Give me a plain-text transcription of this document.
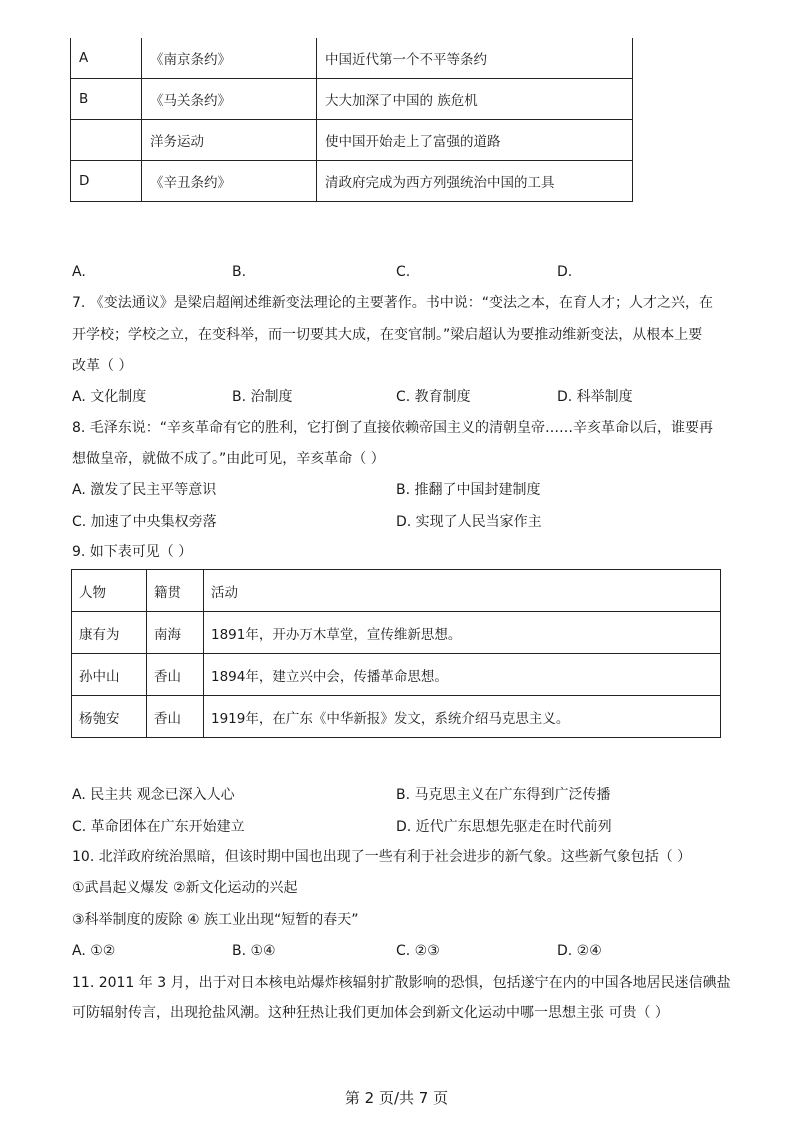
A	《南京条约》	中国近代第一个不平等条约
B	《马关条约》	大大加深了中国的 族危机
	洋务运动	使中国开始走上了富强的道路
D	《辛丑条约》	清政府完成为西方列强统治中国的工具
A.	B.	C.	D.
7. 《变法通议》是梁启超阐述维新变法理论的主要著作。书中说：“变法之本，在育人才；人才之兴，在
开学校；学校之立，在变科举，而一切要其大成，在变官制。”梁启超认为要推动维新变法，从根本上要
改革（ ）
A. 文化制度	B. 治制度	C. 教育制度	D. 科举制度
8. 毛泽东说：“辛亥革命有它的胜利，它打倒了直接依赖帝国主义的清朝皇帝……辛亥革命以后，谁要再
想做皇帝，就做不成了。”由此可见，辛亥革命（ ）
A. 激发了民主平等意识	B. 推翻了中国封建制度
C. 加速了中央集权旁落	D. 实现了人民当家作主
9. 如下表可见（ ）
人物	籍贯	活动
康有为	南海	1891年，开办万木草堂，宣传维新思想。
孙中山	香山	1894年，建立兴中会，传播革命思想。
杨匏安	香山	1919年，在广东《中华新报》发文，系统介绍马克思主义。
A. 民主共 观念已深入人心	B. 马克思主义在广东得到广泛传播
C. 革命团体在广东开始建立	D. 近代广东思想先驱走在时代前列
10. 北洋政府统治黑暗，但该时期中国也出现了一些有利于社会进步的新气象。这些新气象包括（ ）
①武昌起义爆发 ②新文化运动的兴起
③科举制度的废除 ④ 族工业出现“短暂的春天”
A. ①②	B. ①④	C. ②③	D. ②④
11. 2011 年 3 月，出于对日本核电站爆炸核辐射扩散影响的恐惧，包括遂宁在内的中国各地居民迷信碘盐
可防辐射传言，出现抢盐风潮。这种狂热让我们更加体会到新文化运动中哪一思想主张 可贵（ ）
第 2 页/共 7 页
